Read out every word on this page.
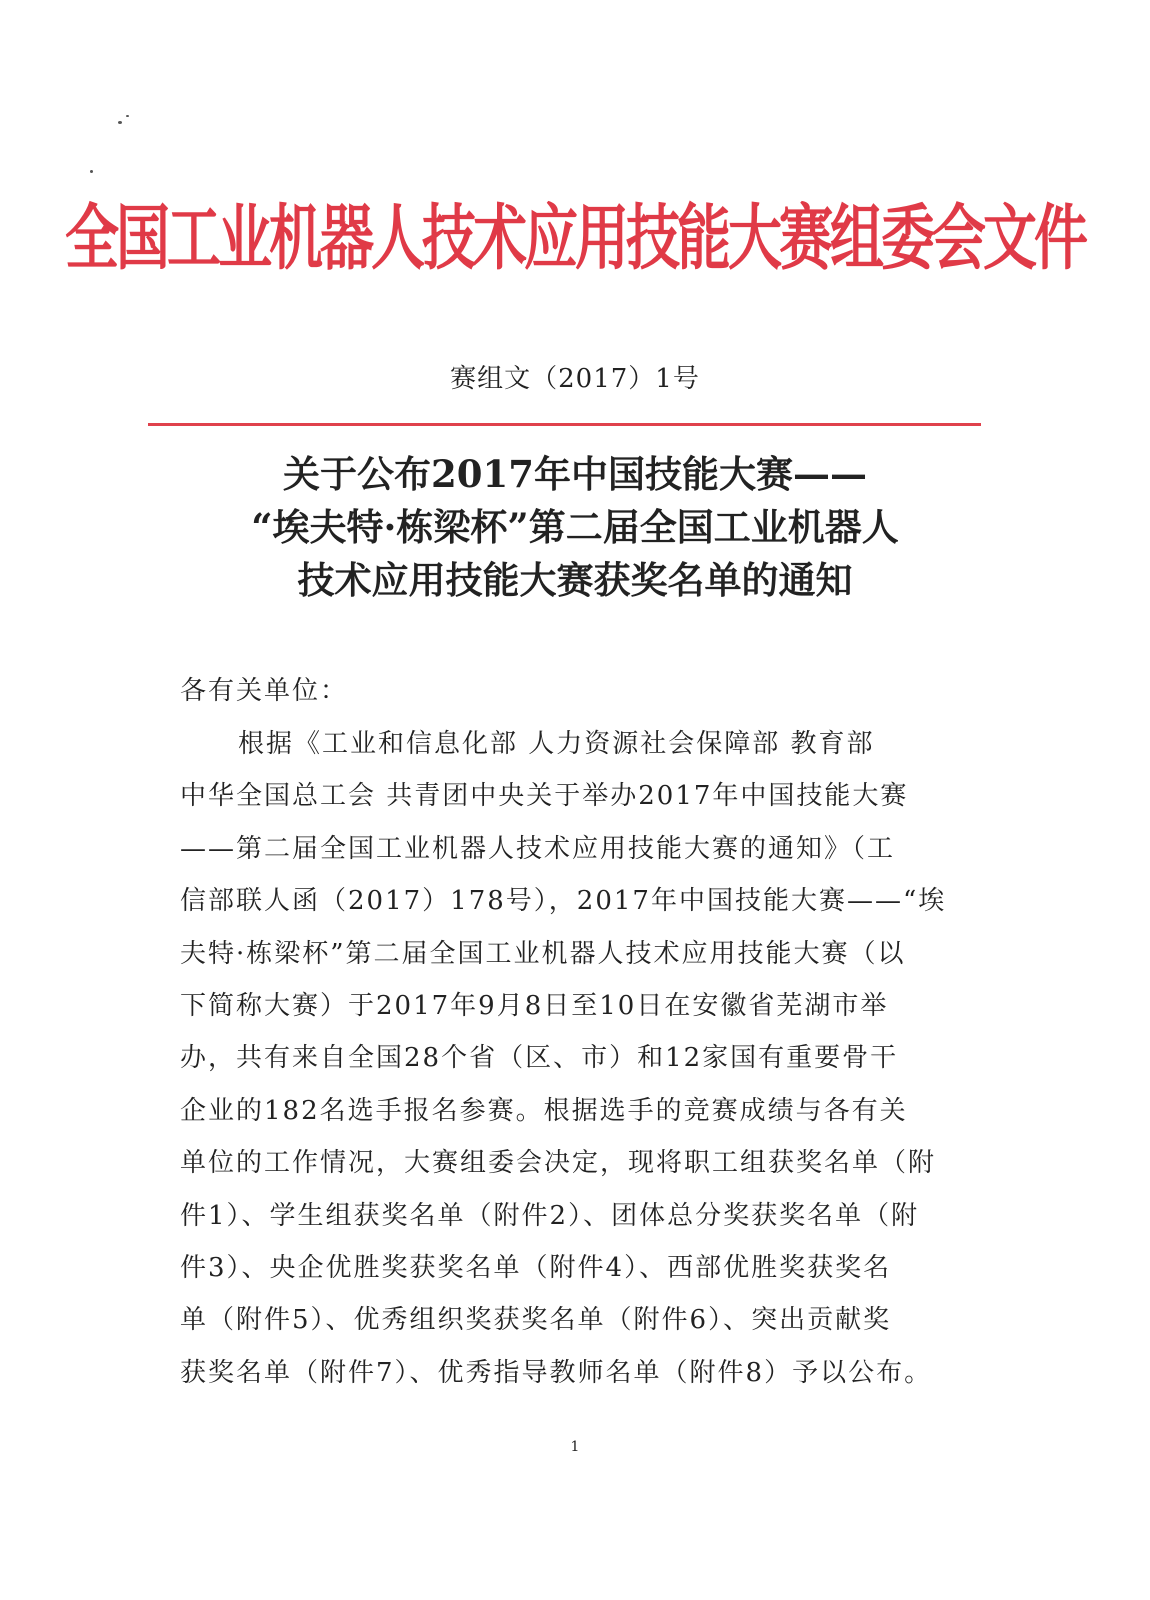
全国工业机器人技术应用技能大赛组委会文件
赛组文（2017）1号
关于公布2017年中国技能大赛——
“埃夫特·栋梁杯”第二届全国工业机器人
技术应用技能大赛获奖名单的通知
各有关单位：
根据《工业和信息化部 人力资源社会保障部 教育部
中华全国总工会 共青团中央关于举办2017年中国技能大赛
——第二届全国工业机器人技术应用技能大赛的通知》（工
信部联人函（2017）178号），2017年中国技能大赛——“埃
夫特·栋梁杯”第二届全国工业机器人技术应用技能大赛（以
下简称大赛）于2017年9月8日至10日在安徽省芜湖市举
办，共有来自全国28个省（区、市）和12家国有重要骨干
企业的182名选手报名参赛。根据选手的竞赛成绩与各有关
单位的工作情况，大赛组委会决定，现将职工组获奖名单（附
件1）、学生组获奖名单（附件2）、团体总分奖获奖名单（附
件3）、央企优胜奖获奖名单（附件4）、西部优胜奖获奖名
单（附件5）、优秀组织奖获奖名单（附件6）、突出贡献奖
获奖名单（附件7）、优秀指导教师名单（附件8）予以公布。
1
